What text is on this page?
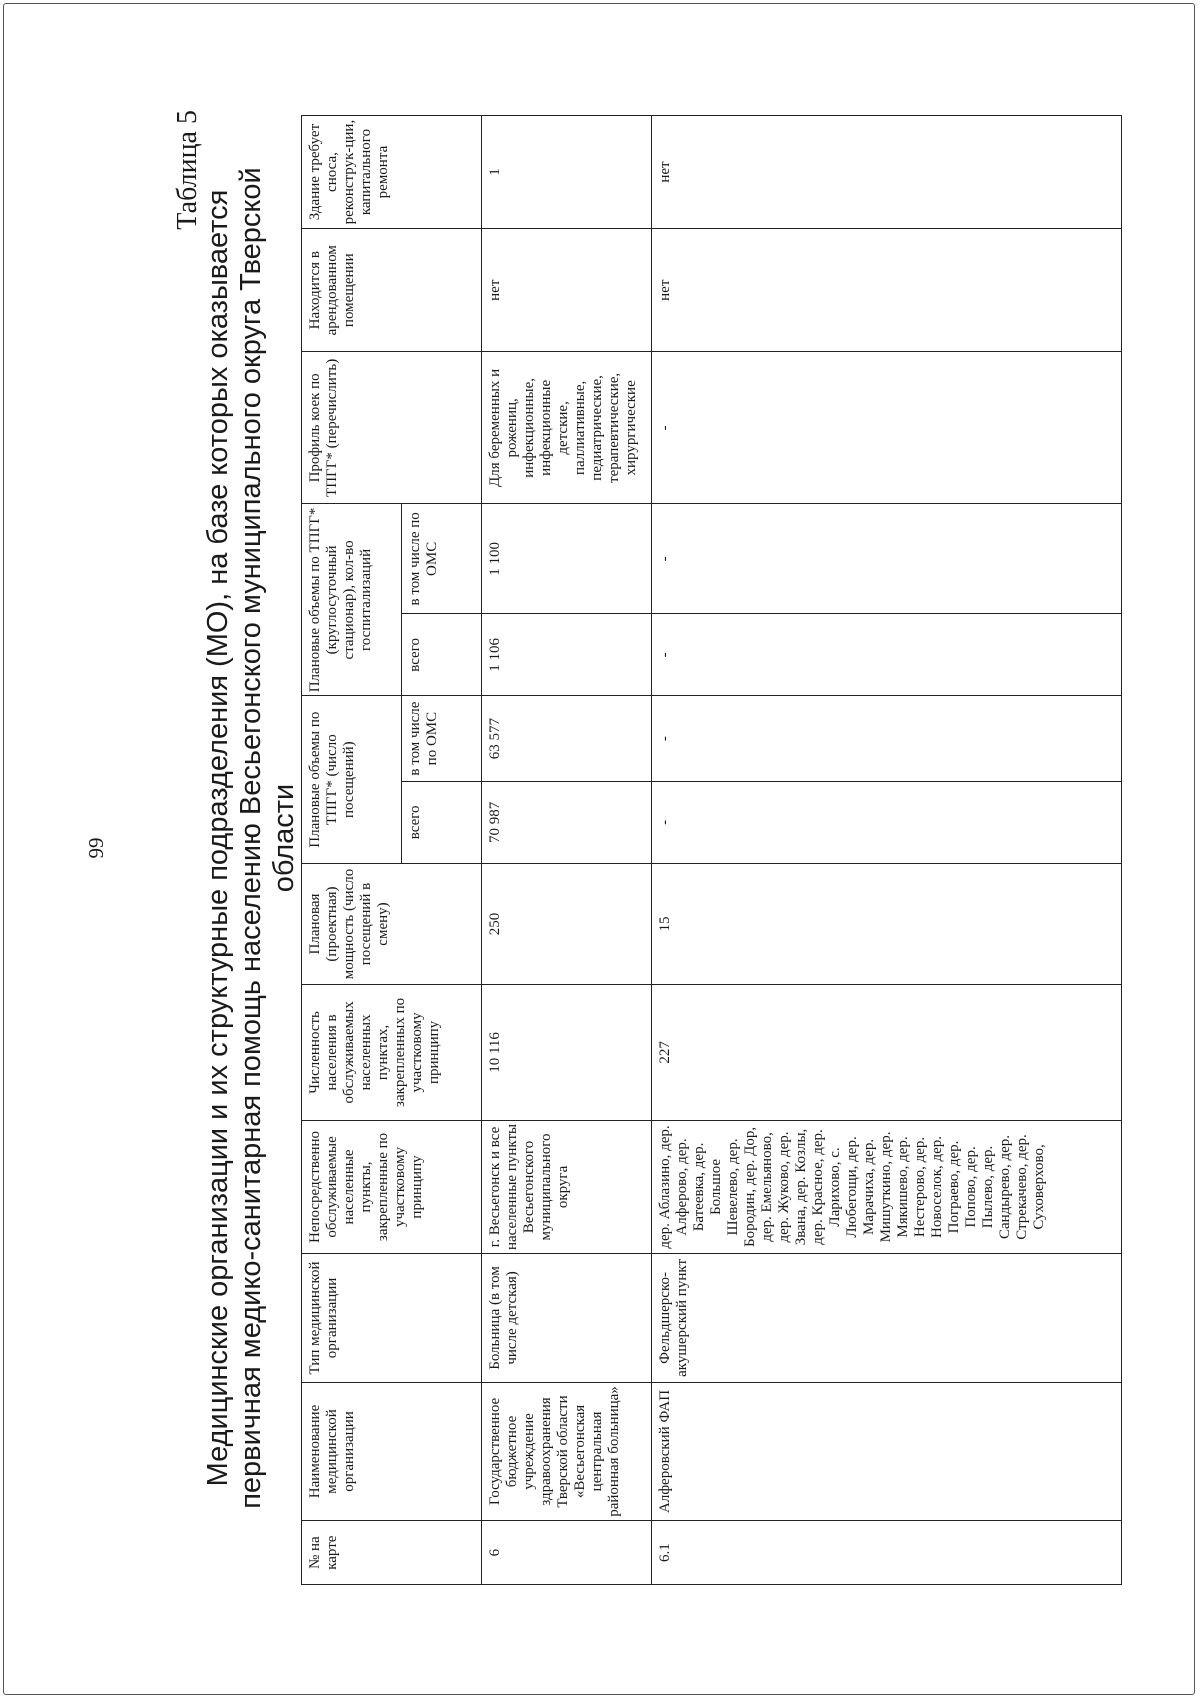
99
Таблица 5
Медицинские организации и их структурные подразделения (МО), на базе которых оказывается первичная медико-санитарная помощь населению Весьегонского муниципального округа Тверской области
№ на карте	Наименование медицинской организации	Тип медицинской организации	Непосредственно обслуживаемые населенные пункты, закрепленные по участковому принципу	Численность населения в обслуживаемых населенных пунктах, закрепленных по участковому принципу	Плановая (проектная) мощность (число посещений в смену)	Плановые объемы по ТПГГ* (число посещений)		Плановые объемы по ТПГГ* (круглосуточный стационар), кол-во госпитализаций		Профиль коек по ТПГГ* (перечислить)	Находится в арендованном помещении	Здание требует сноса, реконструк-ции, капитального ремонта
						всего	в том числе по ОМС	всего	в том числе по ОМС			
6	Государственное бюджетное учреждение здравоохранения Тверской области «Весьегонская центральная районная больница»	Больница (в том числе детская)	г. Весьегонск и все населенные пункты Весьегонского муниципального округа	10 116	250	70 987	63 577	1 106	1 100	Для беременных и рожениц, инфекционные, инфекционные детские, паллиативные, педиатрические, терапевтические, хирургические	нет	1
6.1	Алферовский ФАП	Фельдшерско-акушерский пункт	дер. Аблазино, дер. Алферово, дер. Батеевка, дер. Большое Шевелево, дер. Бородин, дер. Дор, дер. Емельяново, дер. Жуково, дер. Звана, дер. Козлы, дер. Красное, дер. Ларихово, с. Любегощи, дер. Марачиха, дер. Мишуткино, дер. Мякишево, дер. Нестерово, дер. Новоселок, дер. Пограево, дер. Попово, дер. Пылево, дер. Сандырево, дер. Стрекачево, дер. Суховерхово,	227	15	-	-	-	-	-	нет	нет
